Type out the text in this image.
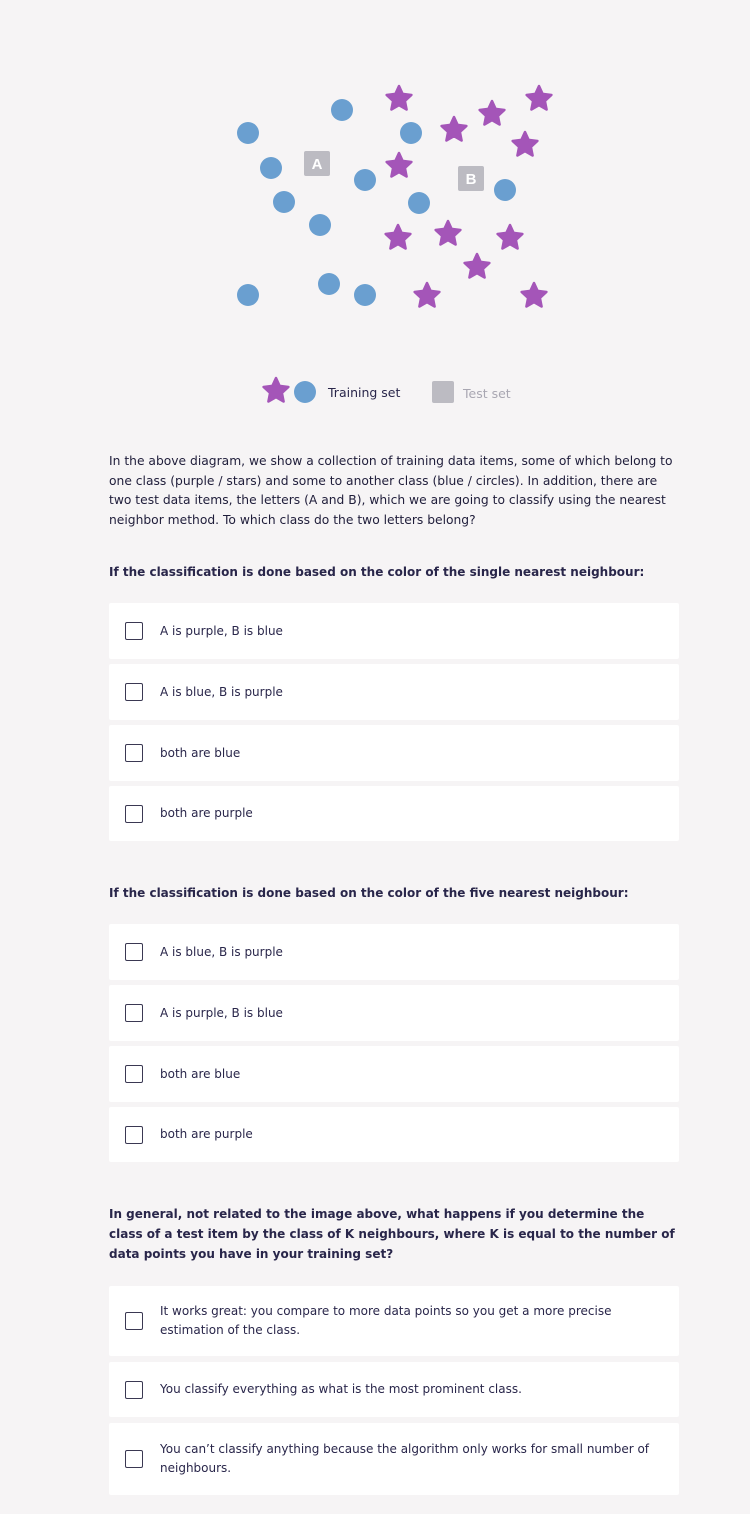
A
B
Training set	Test set

In the above diagram, we show a collection of training data items, some of which belong to one class (purple / stars) and some to another class (blue / circles). In addition, there are two test data items, the letters (A and B), which we are going to classify using the nearest neighbor method. To which class do the two letters belong?

If the classification is done based on the color of the single nearest neighbour:

A is purple, B is blue
A is blue, B is purple
both are blue
both are purple

If the classification is done based on the color of the five nearest neighbour:

A is blue, B is purple
A is purple, B is blue
both are blue
both are purple

In general, not related to the image above, what happens if you determine the class of a test item by the class of K neighbours, where K is equal to the number of data points you have in your training set?

It works great: you compare to more data points so you get a more precise estimation of the class.
You classify everything as what is the most prominent class.
You can’t classify anything because the algorithm only works for small number of neighbours.
